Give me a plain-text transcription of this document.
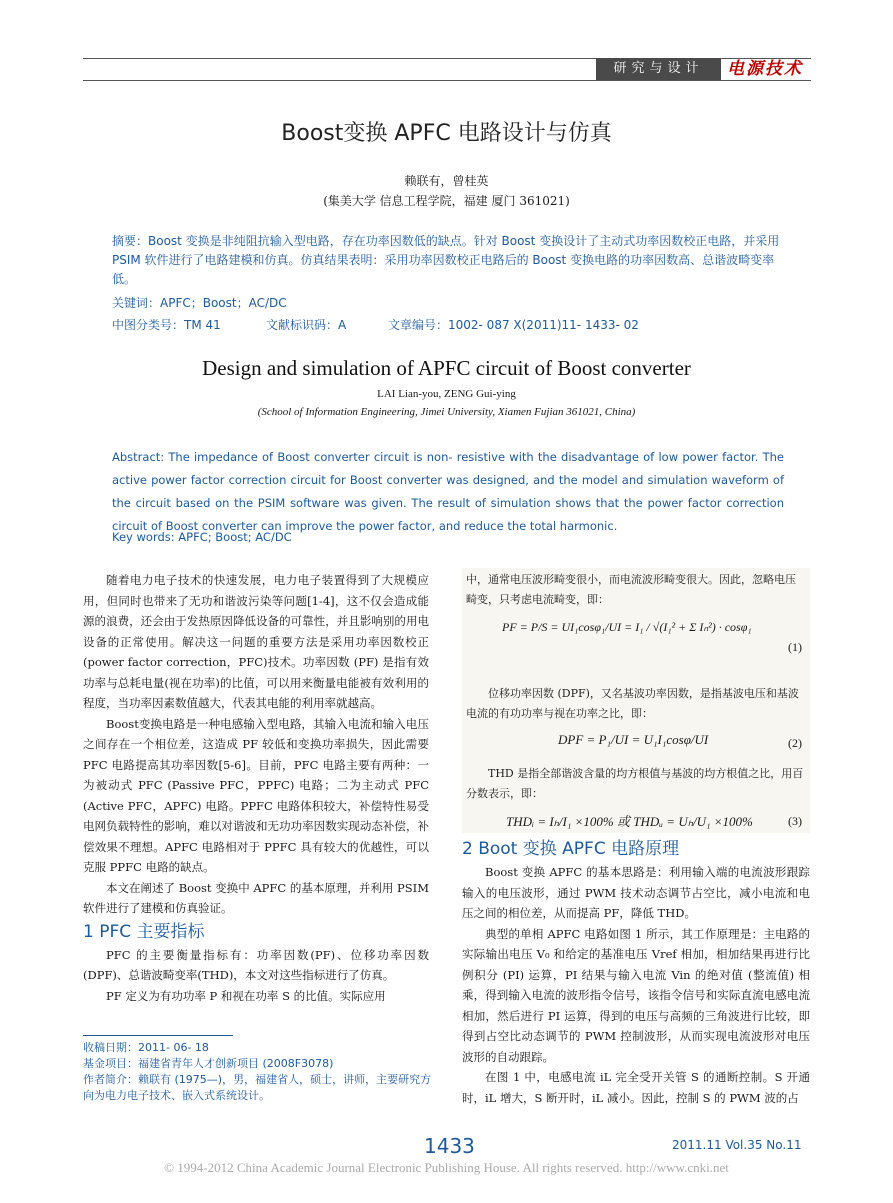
研究与设计	电源技术
Boost变换 APFC 电路设计与仿真
赖联有，曾桂英
(集美大学 信息工程学院，福建 厦门 361021)
摘要：Boost 变换是非纯阻抗输入型电路，存在功率因数低的缺点。针对 Boost 变换设计了主动式功率因数校正电路，并采用 PSIM 软件进行了电路建模和仿真。仿真结果表明：采用功率因数校正电路后的 Boost 变换电路的功率因数高、总谐波畸变率低。
关键词：APFC；Boost；AC/DC
中图分类号：TM 41	文献标识码：A	文章编号：1002- 087 X(2011)11- 1433- 02
Design and simulation of APFC circuit of Boost converter
LAI Lian-you, ZENG Gui-ying
(School of Information Engineering, Jimei University, Xiamen Fujian 361021, China)
Abstract: The impedance of Boost converter circuit is non- resistive with the disadvantage of low power factor. The active power factor correction circuit for Boost converter was designed, and the model and simulation waveform of the circuit based on the PSIM software was given. The result of simulation shows that the power factor correction circuit of Boost converter can improve the power factor, and reduce the total harmonic.
Key words: APFC; Boost; AC/DC

随着电力电子技术的快速发展，电力电子装置得到了大规模应用，但同时也带来了无功和谐波污染等问题[1-4]，这不仅会造成能源的浪费，还会由于发热原因降低设备的可靠性，并且影响别的用电设备的正常使用。解决这一问题的重要方法是采用功率因数校正(power factor correction，PFC)技术。功率因数 (PF) 是指有效功率与总耗电量(视在功率)的比值，可以用来衡量电能被有效利用的程度，当功率因素数值越大，代表其电能的利用率就越高。

Boost变换电路是一种电感输入型电路，其输入电流和输入电压之间存在一个相位差，这造成 PF 较低和变换功率损失，因此需要 PFC 电路提高其功率因数[5-6]。目前，PFC 电路主要有两种：一为被动式 PFC (Passive PFC，PPFC) 电路；二为主动式 PFC (Active PFC，APFC) 电路。PPFC 电路体积较大，补偿特性易受电网负载特性的影响，难以对谐波和无功功率因数实现动态补偿，补偿效果不理想。APFC 电路相对于 PPFC 具有较大的优越性，可以克服 PPFC 电路的缺点。

本文在阐述了 Boost 变换中 APFC 的基本原理，并利用 PSIM 软件进行了建模和仿真验证。

1 PFC 主要指标

PFC 的主要衡量指标有：功率因数(PF)、位移功率因数(DPF)、总谐波畸变率(THD)，本文对这些指标进行了仿真。

PF 定义为有功功率 P 和视在功率 S 的比值。实际应用

收稿日期：2011- 06- 18
基金项目：福建省青年人才创新项目 (2008F3078)
作者简介：赖联有 (1975—)，男，福建省人，硕士，讲师，主要研究方向为电力电子技术、嵌入式系统设计。
中，通常电压波形畸变很小，而电流波形畸变很大。因此，忽略电压畸变，只考虑电流畸变，即：
PF = P/S = UI₁cosφ₁/UI = I₁ / √(I₁² + Σ Iₙ²) · cosφ₁
(1)
位移功率因数 (DPF)，又名基波功率因数，是指基波电压和基波电流的有功功率与视在功率之比，即：
DPF = P₁/UI = U₁I₁cosφ/UI	(2)
THD 是指全部谐波含量的均方根值与基波的均方根值之比，用百分数表示，即：
THDᵢ = Iₕ/I₁ ×100% 或 THDᵤ = Uₕ/U₁ ×100%	(3)

2 Boot 变换 APFC 电路原理

Boost 变换 APFC 的基本思路是：利用输入端的电流波形跟踪输入的电压波形，通过 PWM 技术动态调节占空比，减小电流和电压之间的相位差，从而提高 PF，降低 THD。

典型的单相 APFC 电路如图 1 所示，其工作原理是：主电路的实际输出电压 V₀ 和给定的基准电压 Vref 相加，相加结果再进行比例积分 (PI) 运算，PI 结果与输入电流 Vin 的绝对值 (整流值) 相乘，得到输入电流的波形指令信号，该指令信号和实际直流电感电流相加，然后进行 PI 运算，得到的电压与高频的三角波进行比较，即得到占空比动态调节的 PWM 控制波形，从而实现电流波形对电压波形的自动跟踪。

在图 1 中，电感电流 iL 完全受开关管 S 的通断控制。S 开通时，iL 增大，S 断开时，iL 减小。因此，控制 S 的 PWM 波的占

1433	2011.11 Vol.35 No.11
© 1994-2012 China Academic Journal Electronic Publishing House. All rights reserved. http://www.cnki.net
